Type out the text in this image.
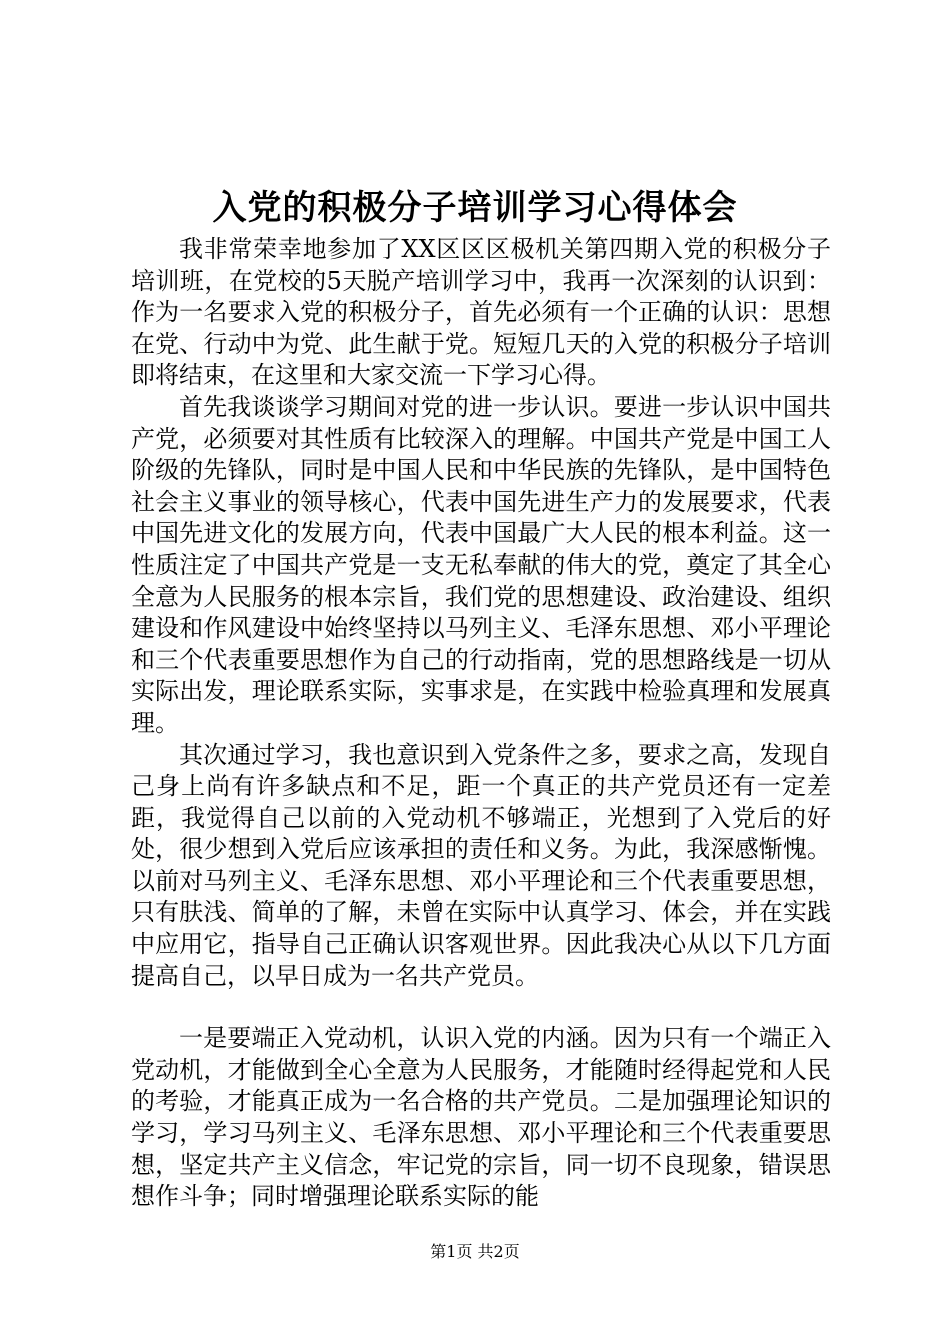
入党的积极分子培训学习心得体会

我非常荣幸地参加了XX区区区极机关第四期入党的积极分子培训班，在党校的5天脱产培训学习中，我再一次深刻的认识到：作为一名要求入党的积极分子，首先必须有一个正确的认识：思想在党、行动中为党、此生献于党。短短几天的入党的积极分子培训即将结束，在这里和大家交流一下学习心得。

首先我谈谈学习期间对党的进一步认识。要进一步认识中国共产党，必须要对其性质有比较深入的理解。中国共产党是中国工人阶级的先锋队，同时是中国人民和中华民族的先锋队，是中国特色社会主义事业的领导核心，代表中国先进生产力的发展要求，代表中国先进文化的发展方向，代表中国最广大人民的根本利益。这一性质注定了中国共产党是一支无私奉献的伟大的党，奠定了其全心全意为人民服务的根本宗旨，我们党的思想建设、政治建设、组织建设和作风建设中始终坚持以马列主义、毛泽东思想、邓小平理论和三个代表重要思想作为自己的行动指南，党的思想路线是一切从实际出发，理论联系实际，实事求是，在实践中检验真理和发展真理。

其次通过学习，我也意识到入党条件之多，要求之高，发现自己身上尚有许多缺点和不足，距一个真正的共产党员还有一定差距，我觉得自己以前的入党动机不够端正，光想到了入党后的好处，很少想到入党后应该承担的责任和义务。为此，我深感惭愧。以前对马列主义、毛泽东思想、邓小平理论和三个代表重要思想，只有肤浅、简单的了解，未曾在实际中认真学习、体会，并在实践中应用它，指导自己正确认识客观世界。因此我决心从以下几方面提高自己，以早日成为一名共产党员。

一是要端正入党动机，认识入党的内涵。因为只有一个端正入党动机，才能做到全心全意为人民服务，才能随时经得起党和人民的考验，才能真正成为一名合格的共产党员。二是加强理论知识的学习，学习马列主义、毛泽东思想、邓小平理论和三个代表重要思想，坚定共产主义信念，牢记党的宗旨，同一切不良现象，错误思想作斗争；同时增强理论联系实际的能

第1页 共2页
